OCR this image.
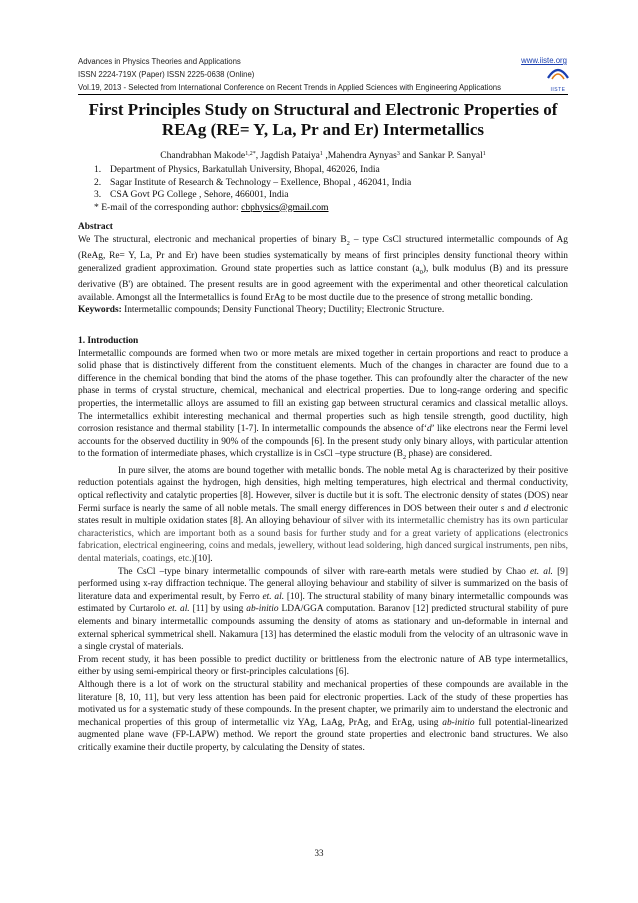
Advances in Physics Theories and Applications	www.iiste.org
ISSN 2224-719X (Paper) ISSN 2225-0638 (Online)
Vol.19, 2013 - Selected from International Conference on Recent Trends in Applied Sciences with Engineering Applications	IISTE
First Principles Study on Structural and Electronic Properties of
REAg (RE= Y, La, Pr and Er) Intermetallics
Chandrabhan Makode$^{1,2*}$, Jagdish Pataiya$^1$ ,Mahendra Aynyas$^3$ and Sankar P. Sanyal$^1$
1. Department of Physics, Barkatullah University, Bhopal, 462026, India
2. Sagar Institute of Research & Technology – Exellence, Bhopal , 462041, India
3. CSA Govt PG College , Sehore, 466001, India
* E-mail of the corresponding author: cbphysics@gmail.com

Abstract

We The structural, electronic and mechanical properties of binary $B_2$ – type CsCl structured intermetallic compounds of Ag (ReAg, Re= Y, La, Pr and Er) have been studies systematically by means of first principles density functional theory within generalized gradient approximation. Ground state properties such as lattice constant $(a_0)$, bulk modulus (B) and its pressure derivative (B') are obtained. The present results are in good agreement with the experimental and other theoretical calculation available. Amongst all the Intermetallics is found ErAg to be most ductile due to the presence of strong metallic bonding.

Keywords: Intermetallic compounds; Density Functional Theory; Ductility; Electronic Structure.

1. Introduction

Intermetallic compounds are formed when two or more metals are mixed together in certain proportions and react to produce a solid phase that is distinctively different from the constituent elements. Much of the changes in character are found due to a difference in the chemical bonding that bind the atoms of the phase together. This can profoundly alter the character of the new phase in terms of crystal structure, chemical, mechanical and electrical properties. Due to long-range ordering and specific properties, the intermetallic alloys are assumed to fill an existing gap between structural ceramics and classical metallic alloys. The intermetallics exhibit interesting mechanical and thermal properties such as high tensile strength, good ductility, high corrosion resistance and thermal stability [1-7]. In intermetallic compounds the absence of‘d’ like electrons near the Fermi level accounts for the observed ductility in 90% of the compounds [6]. In the present study only binary alloys, with particular attention to the formation of intermediate phases, which crystallize is in CsCl –type structure ($B_2$ phase) are considered.

In pure silver, the atoms are bound together with metallic bonds. The noble metal Ag is characterized by their positive reduction potentials against the hydrogen, high densities, high melting temperatures, high electrical and thermal conductivity, optical reflectivity and catalytic properties [8]. However, silver is ductile but it is soft. The electronic density of states (DOS) near Fermi surface is nearly the same of all noble metals. The small energy differences in DOS between their outer s and d electronic states result in multiple oxidation states [8]. An alloying behaviour of silver with its intermetallic chemistry has its own particular characteristics, which are important both as a sound basis for further study and for a great variety of applications (electronics fabrication, electrical engineering, coins and medals, jewellery, without lead soldering, high danced surgical instruments, pen nibs, dental materials, coatings, etc.)[10].

The CsCl –type binary intermetallic compounds of silver with rare-earth metals were studied by Chao et. al. [9] performed using x-ray diffraction technique. The general alloying behaviour and stability of silver is summarized on the basis of literature data and experimental result, by Ferro et. al. [10]. The structural stability of many binary intermetallic compounds was estimated by Curtarolo et. al. [11] by using ab-initio LDA/GGA computation. Baranov [12] predicted structural stability of pure elements and binary intermetallic compounds assuming the density of atoms as stationary and un-deformable in internal and external spherical symmetrical shell. Nakamura [13] has determined the elastic moduli from the velocity of an ultrasonic wave in a single crystal of materials.

From recent study, it has been possible to predict ductility or brittleness from the electronic nature of AB type intermetallics, either by using semi-empirical theory or first-principles calculations [6].

Although there is a lot of work on the structural stability and mechanical properties of these compounds are available in the literature [8, 10, 11], but very less attention has been paid for electronic properties. Lack of the study of these properties has motivated us for a systematic study of these compounds. In the present chapter, we primarily aim to understand the electronic and mechanical properties of this group of intermetallic viz YAg, LaAg, PrAg, and ErAg, using ab-initio full potential-linearized augmented plane wave (FP-LAPW) method. We report the ground state properties and electronic band structures. We also critically examine their ductile property, by calculating the Density of states.

33
